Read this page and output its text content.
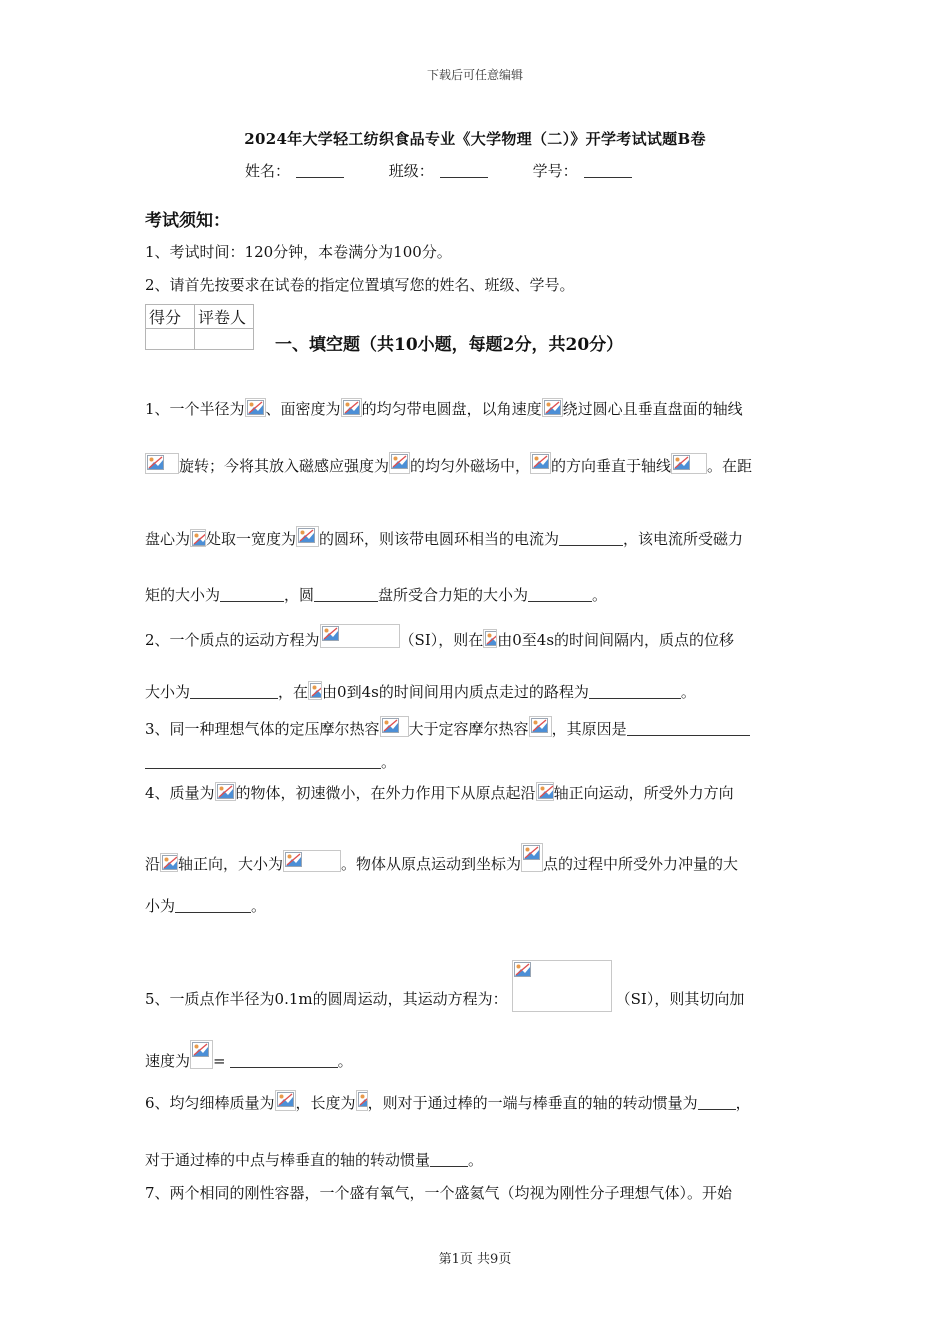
下载后可任意编辑
2024年大学轻工纺织食品专业《大学物理（二）》开学考试试题B卷
姓名：	班级：	学号：
考试须知：
1、考试时间：120分钟，本卷满分为100分。
2、请首先按要求在试卷的指定位置填写您的姓名、班级、学号。
得分	评卷人

一、填空题（共10小题，每题2分，共20分）
1、一个半径为 、面密度为 的均匀带电圆盘，以角速度 绕过圆心且垂直盘面的轴线
旋转；今将其放入磁感应强度为 的均匀外磁场中， 的方向垂直于轴线 。在距
盘心为 处取一宽度为 的圆环，则该带电圆环相当的电流为	，该电流所受磁力
矩的大小为	，圆	盘所受合力矩的大小为	。
2、一个质点的运动方程为	（SI），则在 由0至4s的时间间隔内，质点的位移
大小为	，在 由0到4s的时间间用内质点走过的路程为	。
3、同一种理想气体的定压摩尔热容 大于定容摩尔热容 ，其原因是
。
4、质量为 的物体，初速微小，在外力作用下从原点起沿 轴正向运动，所受外力方向
沿 轴正向，大小为	。物体从原点运动到坐标为 点的过程中所受外力冲量的大
小为	。
5、一质点作半径为0.1m的圆周运动，其运动方程为：	（SI），则其切向加
速度为 =	。
6、均匀细棒质量为 ，长度为 ，则对于通过棒的一端与棒垂直的轴的转动惯量为	，
对于通过棒的中点与棒垂直的轴的转动惯量	。
7、两个相同的刚性容器，一个盛有氧气，一个盛氦气（均视为刚性分子理想气体）。开始
第1页 共9页
